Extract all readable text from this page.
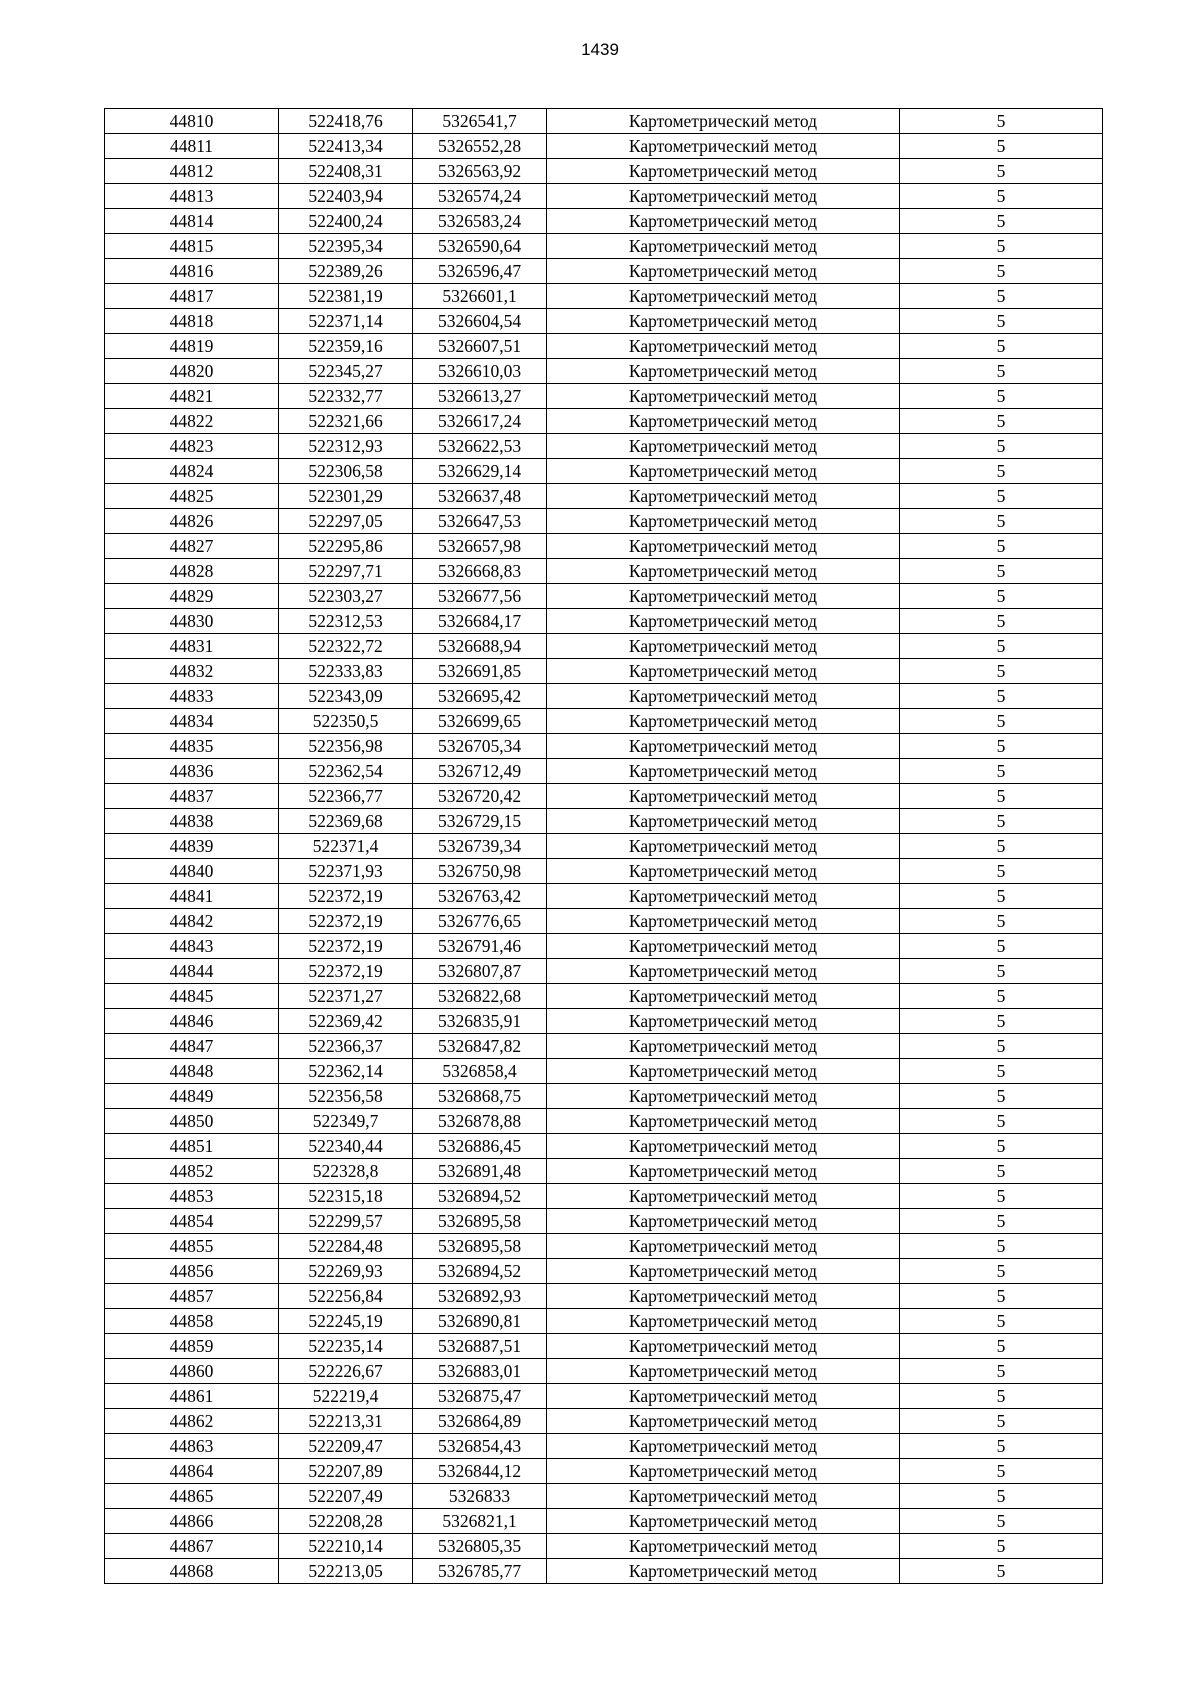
1439
44810	522418,76	5326541,7	Картометрический метод	5
44811	522413,34	5326552,28	Картометрический метод	5
44812	522408,31	5326563,92	Картометрический метод	5
44813	522403,94	5326574,24	Картометрический метод	5
44814	522400,24	5326583,24	Картометрический метод	5
44815	522395,34	5326590,64	Картометрический метод	5
44816	522389,26	5326596,47	Картометрический метод	5
44817	522381,19	5326601,1	Картометрический метод	5
44818	522371,14	5326604,54	Картометрический метод	5
44819	522359,16	5326607,51	Картометрический метод	5
44820	522345,27	5326610,03	Картометрический метод	5
44821	522332,77	5326613,27	Картометрический метод	5
44822	522321,66	5326617,24	Картометрический метод	5
44823	522312,93	5326622,53	Картометрический метод	5
44824	522306,58	5326629,14	Картометрический метод	5
44825	522301,29	5326637,48	Картометрический метод	5
44826	522297,05	5326647,53	Картометрический метод	5
44827	522295,86	5326657,98	Картометрический метод	5
44828	522297,71	5326668,83	Картометрический метод	5
44829	522303,27	5326677,56	Картометрический метод	5
44830	522312,53	5326684,17	Картометрический метод	5
44831	522322,72	5326688,94	Картометрический метод	5
44832	522333,83	5326691,85	Картометрический метод	5
44833	522343,09	5326695,42	Картометрический метод	5
44834	522350,5	5326699,65	Картометрический метод	5
44835	522356,98	5326705,34	Картометрический метод	5
44836	522362,54	5326712,49	Картометрический метод	5
44837	522366,77	5326720,42	Картометрический метод	5
44838	522369,68	5326729,15	Картометрический метод	5
44839	522371,4	5326739,34	Картометрический метод	5
44840	522371,93	5326750,98	Картометрический метод	5
44841	522372,19	5326763,42	Картометрический метод	5
44842	522372,19	5326776,65	Картометрический метод	5
44843	522372,19	5326791,46	Картометрический метод	5
44844	522372,19	5326807,87	Картометрический метод	5
44845	522371,27	5326822,68	Картометрический метод	5
44846	522369,42	5326835,91	Картометрический метод	5
44847	522366,37	5326847,82	Картометрический метод	5
44848	522362,14	5326858,4	Картометрический метод	5
44849	522356,58	5326868,75	Картометрический метод	5
44850	522349,7	5326878,88	Картометрический метод	5
44851	522340,44	5326886,45	Картометрический метод	5
44852	522328,8	5326891,48	Картометрический метод	5
44853	522315,18	5326894,52	Картометрический метод	5
44854	522299,57	5326895,58	Картометрический метод	5
44855	522284,48	5326895,58	Картометрический метод	5
44856	522269,93	5326894,52	Картометрический метод	5
44857	522256,84	5326892,93	Картометрический метод	5
44858	522245,19	5326890,81	Картометрический метод	5
44859	522235,14	5326887,51	Картометрический метод	5
44860	522226,67	5326883,01	Картометрический метод	5
44861	522219,4	5326875,47	Картометрический метод	5
44862	522213,31	5326864,89	Картометрический метод	5
44863	522209,47	5326854,43	Картометрический метод	5
44864	522207,89	5326844,12	Картометрический метод	5
44865	522207,49	5326833	Картометрический метод	5
44866	522208,28	5326821,1	Картометрический метод	5
44867	522210,14	5326805,35	Картометрический метод	5
44868	522213,05	5326785,77	Картометрический метод	5
